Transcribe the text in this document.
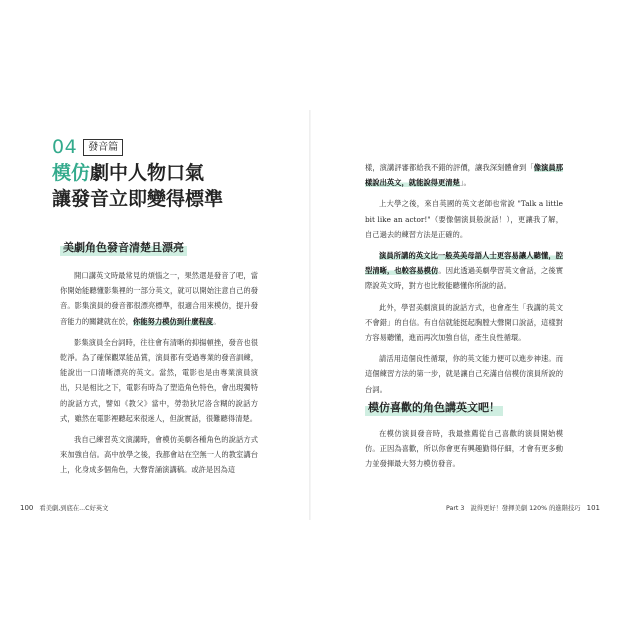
04	發音篇
模仿劇中人物口氣
讓發音立即變得標準
美劇角色發音清楚且漂亮

開口講英文時最常見的煩惱之一，果然還是發音了吧，當你開始能聽懂影集裡的一部分英文，就可以開始注意自己的發音。影集演員的發音都很漂亮標準，很適合用來模仿，提升發音能力的關鍵就在於，你能努力模仿到什麼程度。

影集演員全台詞時，往往會有清晰的抑揚頓挫，發音也很乾淨。為了確保觀眾能品賞，演員都有受過專業的發音訓練，能說出一口清晰漂亮的英文。當然，電影也是由專業演員演出，只是相比之下，電影有時為了塑造角色特色，會出現獨特的說話方式，譬如《教父》當中，勞勃狄尼洛含糊的說話方式，雖然在電影裡聽起來很迷人，但說實話，很難聽得清楚。

我自己練習英文演講時，會模仿美劇各種角色的說話方式來加強自信。高中放學之後，我都會站在空無一人的教室講台上，化身成多個角色，大聲背誦演講稿。或許是因為這

100 看美劇,到底在...C好英文

樣，演講評審都給我不錯的評價，讓我深刻體會到「像演員那樣說出英文，就能說得更清楚」。

上大學之後，來自英國的英文老師也常說 "Talk a little bit like an actor!"（要像個演員般說話！），更讓我了解，自己過去的練習方法是正確的。

演員所講的英文比一般英美母語人士更容易讓人聽懂，腔型清晰，也較容易模仿。因此透過美劇學習英文會話，之後實際說英文時，對方也比較能聽懂你所說的話。

此外，學習美劇演員的說話方式，也會產生「我講的英文不會錯」的自信。有自信就能挺起胸膛大聲開口說話，這樣對方容易聽懂，進而再次加強自信，產生良性循環。

請活用這個良性循環，你的英文能力便可以進步神速。而這個練習方法的第一步，就是讓自己充滿自信模仿演員所說的台詞。

模仿喜歡的角色講英文吧！

在模仿演員發音時，我最推薦從自己喜歡的演員開始模仿。正因為喜歡，所以你會更有興趣勤得仔細，才會有更多動力並發揮最大努力模仿發音。

Part 3 說得更好！發揮美劇 120% 的進階技巧 101
